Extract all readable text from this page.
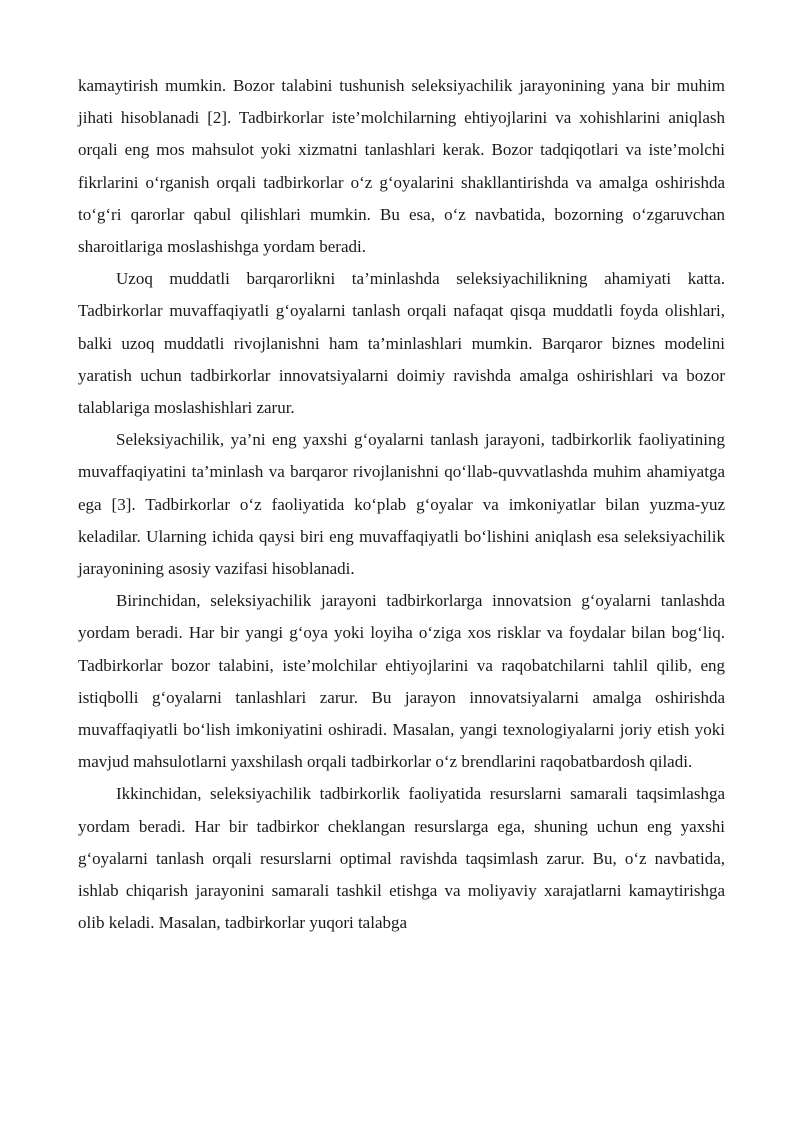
kamaytirish mumkin. Bozor talabini tushunish seleksiyachilik jarayonining yana bir muhim jihati hisoblanadi [2]. Tadbirkorlar iste’molchilarning ehtiyojlarini va xohishlarini aniqlash orqali eng mos mahsulot yoki xizmatni tanlashlari kerak. Bozor tadqiqotlari va iste’molchi fikrlarini o‘rganish orqali tadbirkorlar o‘z g‘oyalarini shakllantirishda va amalga oshirishda to‘g‘ri qarorlar qabul qilishlari mumkin. Bu esa, o‘z navbatida, bozorning o‘zgaruvchan sharoitlariga moslashishga yordam beradi.

Uzoq muddatli barqarorlikni ta’minlashda seleksiyachilikning ahamiyati katta. Tadbirkorlar muvaffaqiyatli g‘oyalarni tanlash orqali nafaqat qisqa muddatli foyda olishlari, balki uzoq muddatli rivojlanishni ham ta’minlashlari mumkin. Barqaror biznes modelini yaratish uchun tadbirkorlar innovatsiyalarni doimiy ravishda amalga oshirishlari va bozor talablariga moslashishlari zarur.

Seleksiyachilik, ya’ni eng yaxshi g‘oyalarni tanlash jarayoni, tadbirkorlik faoliyatining muvaffaqiyatini ta’minlash va barqaror rivojlanishni qo‘llab-quvvatlashda muhim ahamiyatga ega [3]. Tadbirkorlar o‘z faoliyatida ko‘plab g‘oyalar va imkoniyatlar bilan yuzma-yuz keladilar. Ularning ichida qaysi biri eng muvaffaqiyatli bo‘lishini aniqlash esa seleksiyachilik jarayonining asosiy vazifasi hisoblanadi.

Birinchidan, seleksiyachilik jarayoni tadbirkorlarga innovatsion g‘oyalarni tanlashda yordam beradi. Har bir yangi g‘oya yoki loyiha o‘ziga xos risklar va foydalar bilan bog‘liq. Tadbirkorlar bozor talabini, iste’molchilar ehtiyojlarini va raqobatchilarni tahlil qilib, eng istiqbolli g‘oyalarni tanlashlari zarur. Bu jarayon innovatsiyalarni amalga oshirishda muvaffaqiyatli bo‘lish imkoniyatini oshiradi. Masalan, yangi texnologiyalarni joriy etish yoki mavjud mahsulotlarni yaxshilash orqali tadbirkorlar o‘z brendlarini raqobatbardosh qiladi.

Ikkinchidan, seleksiyachilik tadbirkorlik faoliyatida resurslarni samarali taqsimlashga yordam beradi. Har bir tadbirkor cheklangan resurslarga ega, shuning uchun eng yaxshi g‘oyalarni tanlash orqali resurslarni optimal ravishda taqsimlash zarur. Bu, o‘z navbatida, ishlab chiqarish jarayonini samarali tashkil etishga va moliyaviy xarajatlarni kamaytirishga olib keladi. Masalan, tadbirkorlar yuqori talabga
